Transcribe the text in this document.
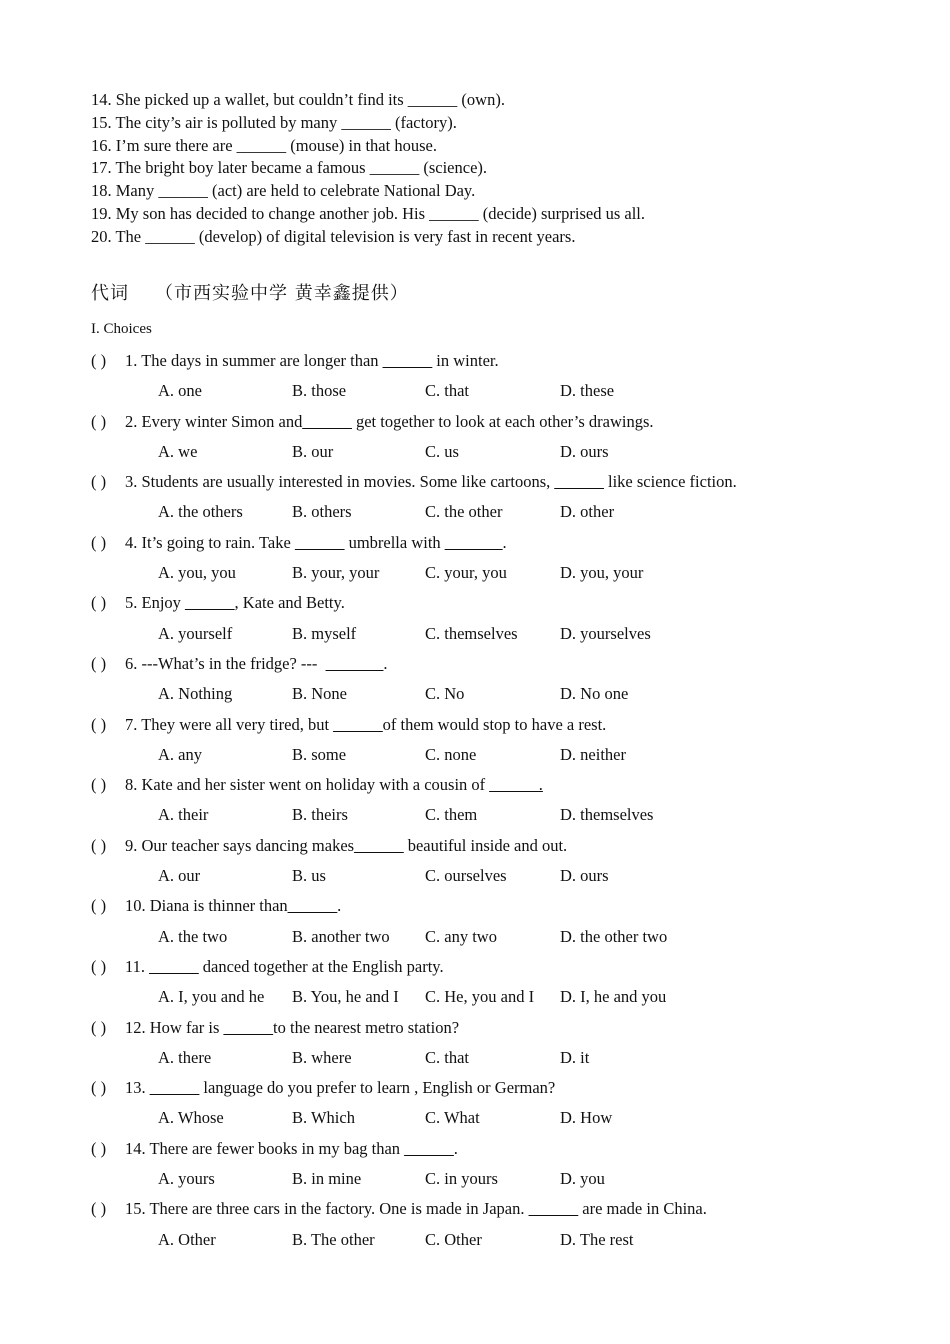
14. She picked up a wallet, but couldn’t find its ______ (own).
15. The city’s air is polluted by many ______ (factory).
16. I’m sure there are ______ (mouse) in that house.
17. The bright boy later became a famous ______ (science).
18. Many ______ (act) are held to celebrate National Day.
19. My son has decided to change another job. His ______ (decide) surprised us all.
20. The ______ (develop) of digital television is very fast in recent years.
代词 （市西实验中学 黄幸鑫提供）
I. Choices
( ) 1. The days in summer are longer than ______ in winter.
A. one	B. those	C. that	D. these
( ) 2. Every winter Simon and______ get together to look at each other’s drawings.
A. we	B. our	C. us	D. ours
( ) 3. Students are usually interested in movies. Some like cartoons, ______ like science fiction.
A. the others	B. others	C. the other	D. other
( ) 4. It’s going to rain. Take ______ umbrella with _______.
A. you, you	B. your, your	C. your, you	D. you, your
( ) 5. Enjoy ______, Kate and Betty.
A. yourself	B. myself	C. themselves	D. yourselves
( ) 6. ---What’s in the fridge? ---  _______.
A. Nothing	B. None	C. No	D. No one
( ) 7. They were all very tired, but ______of them would stop to have a rest.
A. any	B. some	C. none	D. neither
( ) 8. Kate and her sister went on holiday with a cousin of ______.
A. their	B. theirs	C. them	D. themselves
( ) 9. Our teacher says dancing makes______ beautiful inside and out.
A. our	B. us	C. ourselves	D. ours
( ) 10. Diana is thinner than______.
A. the two	B. another two C. any two	D. the other two
( ) 11. ______ danced together at the English party.
A. I, you and he B. You, he and I C. He, you and I D. I, he and you
( ) 12. How far is ______to the nearest metro station?
A. there	B. where	C. that	D. it
( ) 13. ______ language do you prefer to learn , English or German?
A. Whose	B. Which	C. What	D. How
( ) 14. There are fewer books in my bag than ______.
A. yours	B. in mine	C. in yours	D. you
( ) 15. There are three cars in the factory. One is made in Japan. ______ are made in China.
A. Other	B. The other	C. Other	D. The rest
